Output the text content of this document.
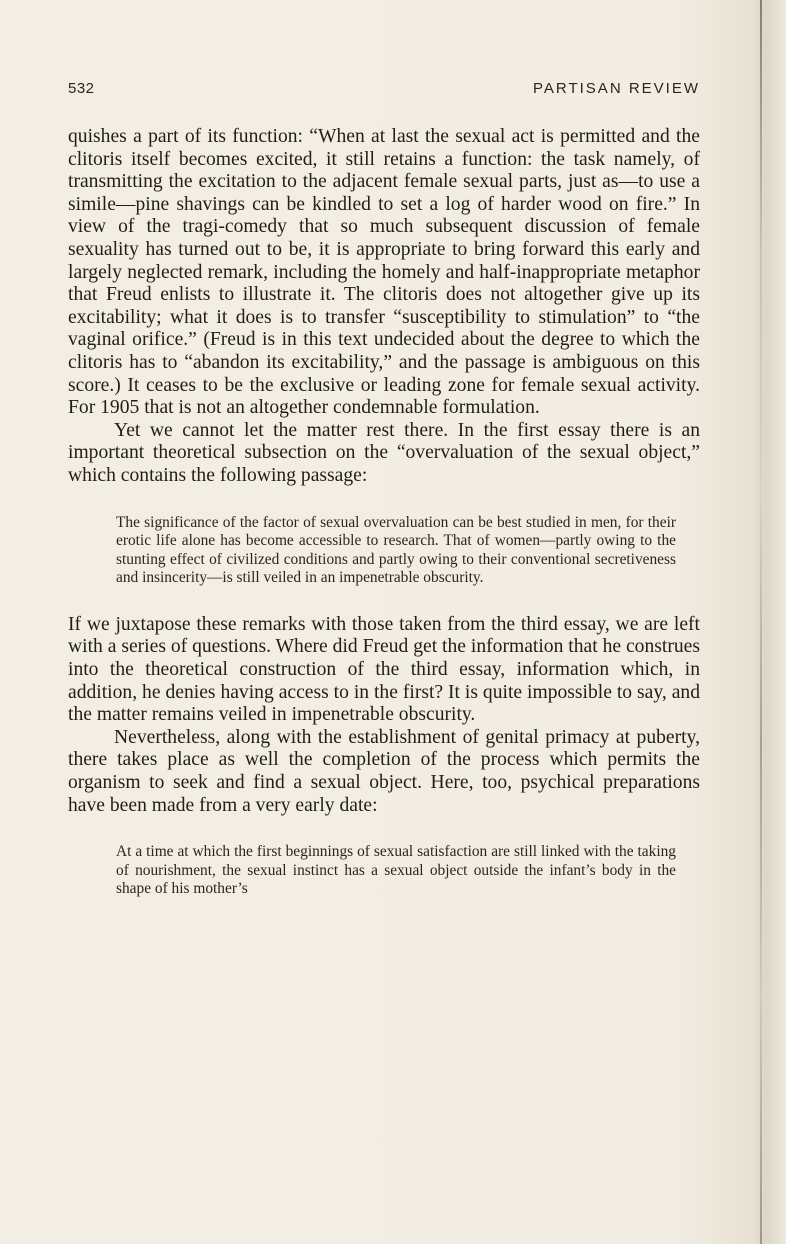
532	PARTISAN REVIEW

quishes a part of its function: “When at last the sexual act is permitted and the clitoris itself becomes excited, it still retains a function: the task namely, of transmitting the excitation to the adjacent female sexual parts, just as—to use a simile—pine shavings can be kindled to set a log of harder wood on fire.” In view of the tragi-comedy that so much subsequent discussion of female sexuality has turned out to be, it is appropriate to bring forward this early and largely neglected remark, including the homely and half-inappropriate metaphor that Freud enlists to illustrate it. The clitoris does not altogether give up its excitability; what it does is to transfer “susceptibility to stimulation” to “the vaginal orifice.” (Freud is in this text undecided about the degree to which the clitoris has to “abandon its excitability,” and the passage is ambiguous on this score.) It ceases to be the exclusive or leading zone for female sexual activity. For 1905 that is not an altogether condemnable formulation.

Yet we cannot let the matter rest there. In the first essay there is an important theoretical subsection on the “overvaluation of the sexual object,” which contains the following passage:

The significance of the factor of sexual overvaluation can be best studied in men, for their erotic life alone has become accessible to research. That of women—partly owing to the stunting effect of civilized conditions and partly owing to their conventional secretiveness and insincerity—is still veiled in an impenetrable obscurity.

If we juxtapose these remarks with those taken from the third essay, we are left with a series of questions. Where did Freud get the information that he construes into the theoretical construction of the third essay, information which, in addition, he denies having access to in the first? It is quite impossible to say, and the matter remains veiled in impenetrable obscurity.

Nevertheless, along with the establishment of genital primacy at puberty, there takes place as well the completion of the process which permits the organism to seek and find a sexual object. Here, too, psychical preparations have been made from a very early date:

At a time at which the first beginnings of sexual satisfaction are still linked with the taking of nourishment, the sexual instinct has a sexual object outside the infant’s body in the shape of his mother’s
